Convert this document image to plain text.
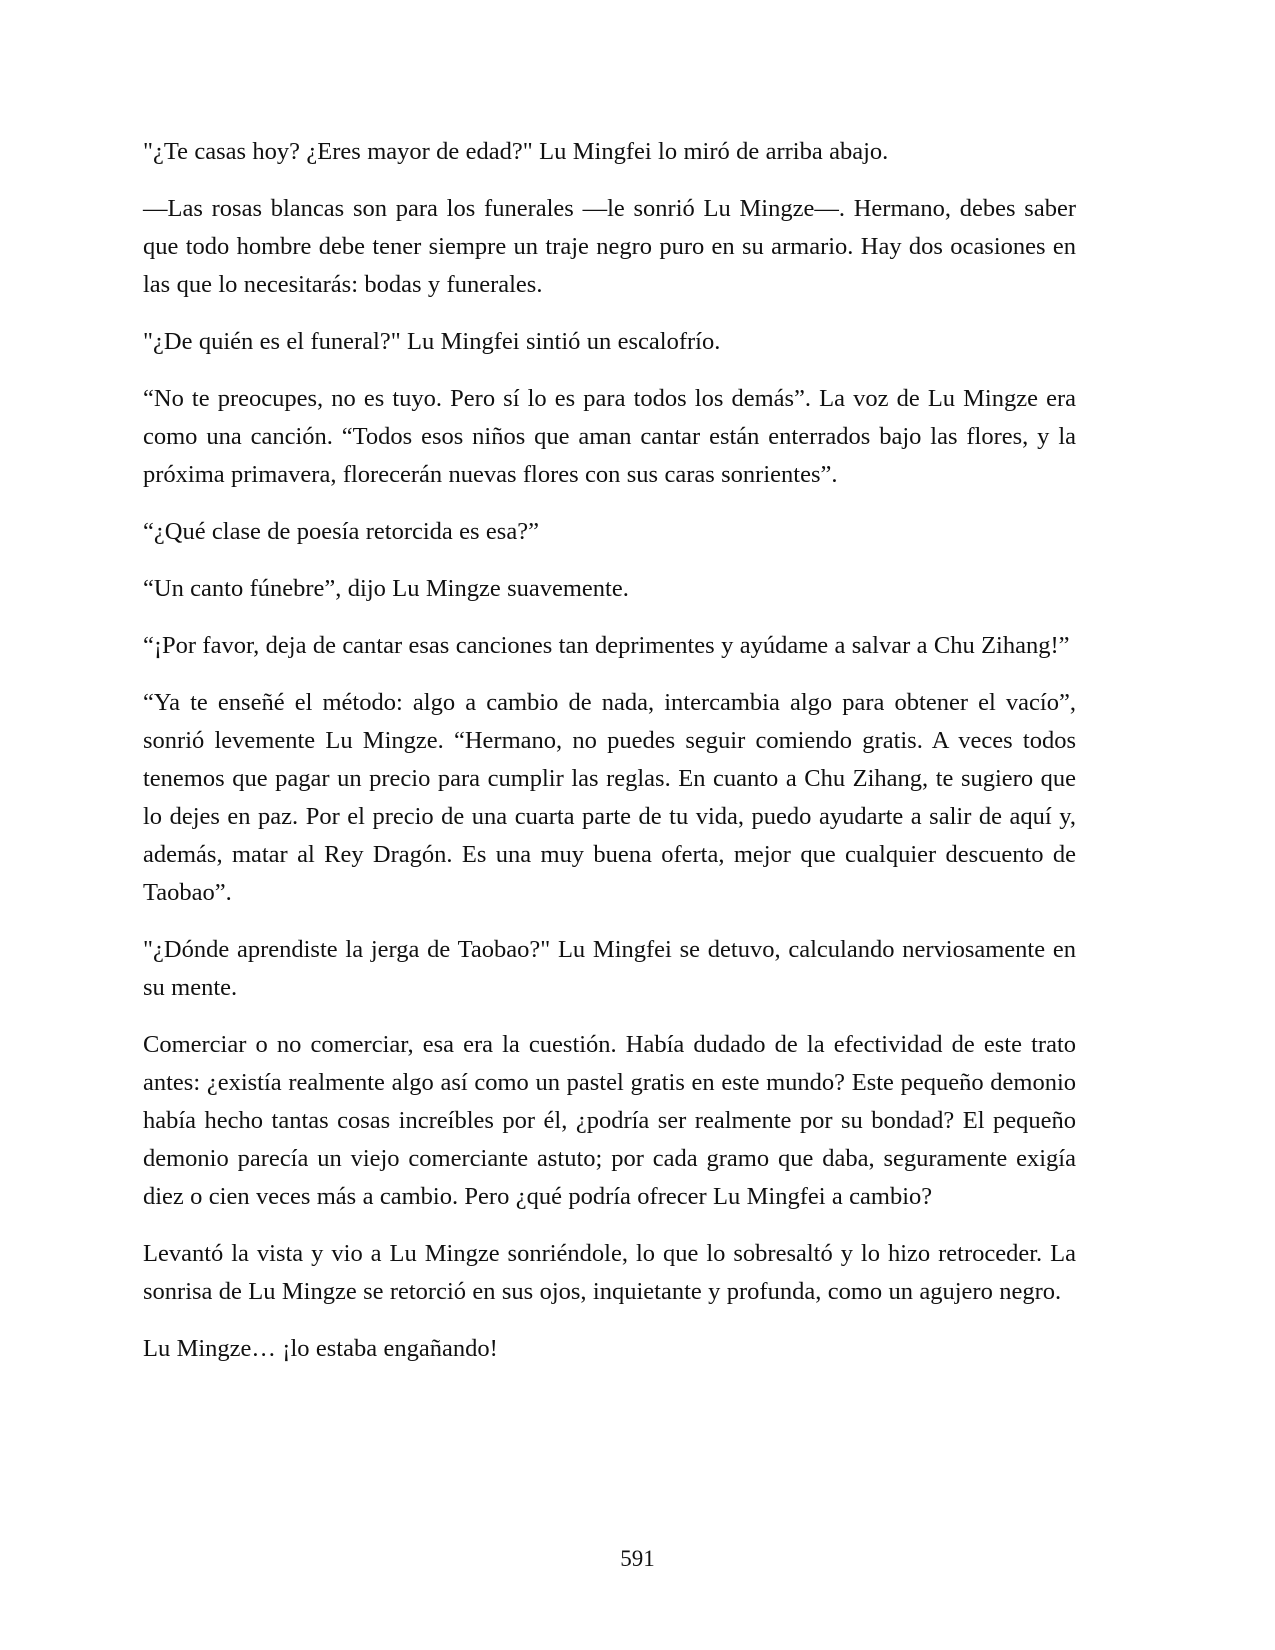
"¿Te casas hoy? ¿Eres mayor de edad?" Lu Mingfei lo miró de arriba abajo.

—Las rosas blancas son para los funerales —le sonrió Lu Mingze—. Hermano, debes saber que todo hombre debe tener siempre un traje negro puro en su armario. Hay dos ocasiones en las que lo necesitarás: bodas y funerales.

"¿De quién es el funeral?" Lu Mingfei sintió un escalofrío.

“No te preocupes, no es tuyo. Pero sí lo es para todos los demás”. La voz de Lu Mingze era como una canción. “Todos esos niños que aman cantar están enterrados bajo las flores, y la próxima primavera, florecerán nuevas flores con sus caras sonrientes”.

“¿Qué clase de poesía retorcida es esa?”

“Un canto fúnebre”, dijo Lu Mingze suavemente.

“¡Por favor, deja de cantar esas canciones tan deprimentes y ayúdame a salvar a Chu Zihang!”

“Ya te enseñé el método: algo a cambio de nada, intercambia algo para obtener el vacío”, sonrió levemente Lu Mingze. “Hermano, no puedes seguir comiendo gratis. A veces todos tenemos que pagar un precio para cumplir las reglas. En cuanto a Chu Zihang, te sugiero que lo dejes en paz. Por el precio de una cuarta parte de tu vida, puedo ayudarte a salir de aquí y, además, matar al Rey Dragón. Es una muy buena oferta, mejor que cualquier descuento de Taobao”.

"¿Dónde aprendiste la jerga de Taobao?" Lu Mingfei se detuvo, calculando nerviosamente en su mente.

Comerciar o no comerciar, esa era la cuestión. Había dudado de la efectividad de este trato antes: ¿existía realmente algo así como un pastel gratis en este mundo? Este pequeño demonio había hecho tantas cosas increíbles por él, ¿podría ser realmente por su bondad? El pequeño demonio parecía un viejo comerciante astuto; por cada gramo que daba, seguramente exigía diez o cien veces más a cambio. Pero ¿qué podría ofrecer Lu Mingfei a cambio?

Levantó la vista y vio a Lu Mingze sonriéndole, lo que lo sobresaltó y lo hizo retroceder. La sonrisa de Lu Mingze se retorció en sus ojos, inquietante y profunda, como un agujero negro.

Lu Mingze… ¡lo estaba engañando!

591
